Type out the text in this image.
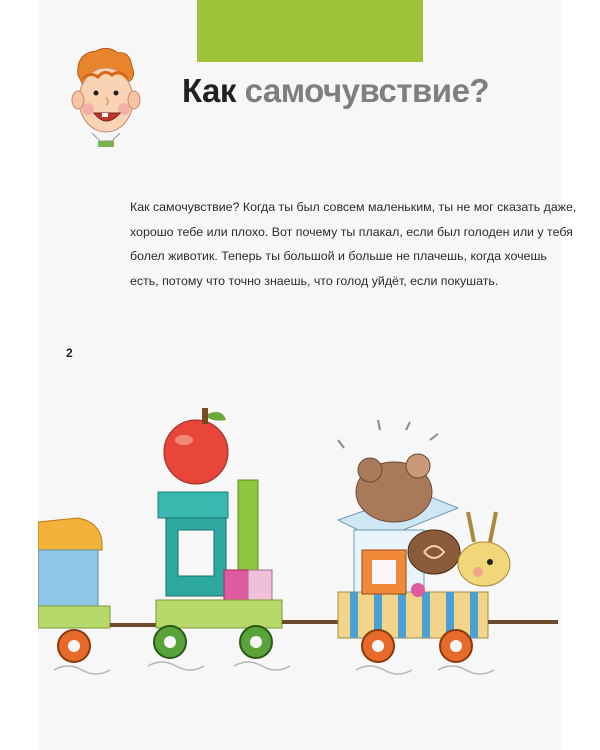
Как самочувствие?
Как самочувствие? Когда ты был совсем маленьким, ты не мог сказать даже,
хорошо тебе или плохо. Вот почему ты плакал, если был голоден или у тебя
болел животик. Теперь ты большой и больше не плачешь, когда хочешь
есть, потому что точно знаешь, что голод уйдёт, если покушать.
2
